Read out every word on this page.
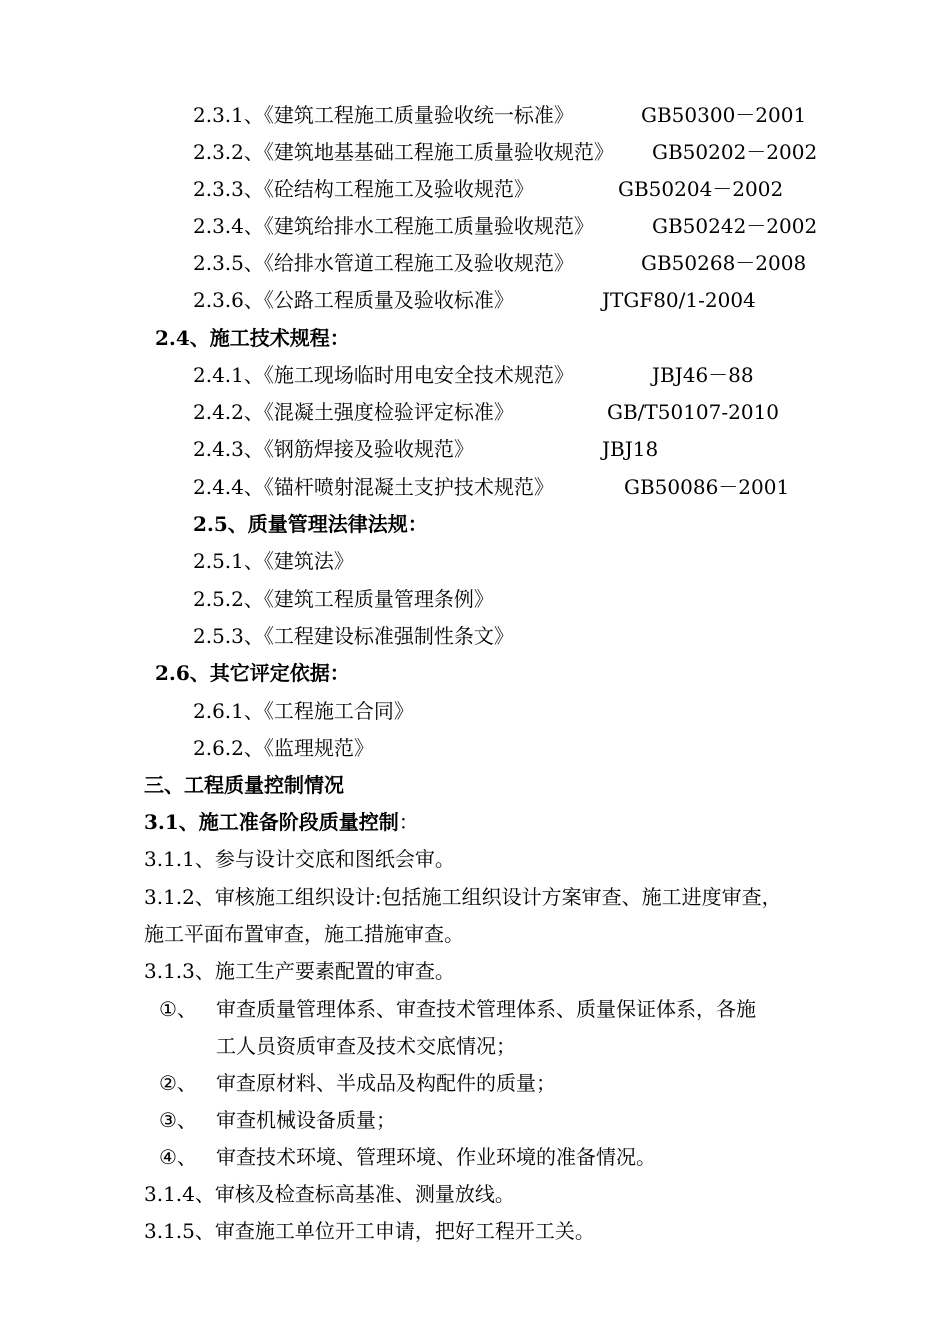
2.3.1、《建筑工程施工质量验收统一标准》	GB50300－2001
2.3.2、《建筑地基基础工程施工质量验收规范》 GB50202－2002
2.3.3、《砼结构工程施工及验收规范》	GB50204－2002
2.3.4、《建筑给排水工程施工质量验收规范》	GB50242－2002
2.3.5、《给排水管道工程施工及验收规范》	GB50268－2008
2.3.6、《公路工程质量及验收标准》	JTGF80/1-2004
2.4、施工技术规程：
2.4.1、《施工现场临时用电安全技术规范》	JBJ46－88
2.4.2、《混凝土强度检验评定标准》	GB/T50107-2010
2.4.3、《钢筋焊接及验收规范》	JBJ18
2.4.4、《锚杆喷射混凝土支护技术规范》	GB50086－2001
2.5、质量管理法律法规：
2.5.1、《建筑法》
2.5.2、《建筑工程质量管理条例》
2.5.3、《工程建设标准强制性条文》
2.6、其它评定依据：
2.6.1、《工程施工合同》
2.6.2、《监理规范》
三、工程质量控制情况
3.1、施工准备阶段质量控制：
3.1.1、参与设计交底和图纸会审。
3.1.2、审核施工组织设计:包括施工组织设计方案审查、施工进度审查，
施工平面布置审查，施工措施审查。
3.1.3、施工生产要素配置的审查。
①、 审查质量管理体系、审查技术管理体系、质量保证体系，各施
工人员资质审查及技术交底情况；
②、 审查原材料、半成品及构配件的质量；
③、 审查机械设备质量；
④、 审查技术环境、管理环境、作业环境的准备情况。
3.1.4、审核及检查标高基准、测量放线。
3.1.5、审查施工单位开工申请，把好工程开工关。
